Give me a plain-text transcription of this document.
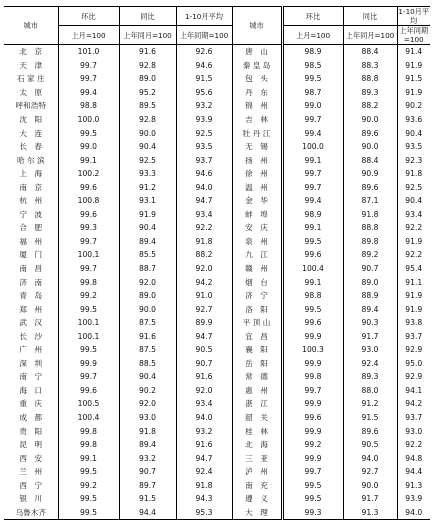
城市	环比	同比	1-10月平均	城市	环比	同比	1-10月平均
	上月=100	上年同月=100	上年同期=100		上月=100	上年同月=100	上年同期=100
北　京	101.0	91.6	92.6	唐　山	98.9	88.4	91.4
天　津	99.7	92.8	94.6	秦 皇 岛	98.5	88.3	91.9
石 家 庄	99.7	89.0	91.5	包　头	99.5	88.8	91.5
太　原	99.4	95.2	95.6	丹　东	98.7	89.3	91.9
呼和浩特	98.8	89.5	93.2	锦　州	99.0	88.2	90.2
沈　阳	100.0	92.8	93.9	吉　林	99.7	90.0	93.6
大　连	99.5	90.0	92.5	牡 丹 江	99.4	89.6	90.4
长　春	99.0	90.4	93.5	无　锡	100.0	90.0	93.5
哈 尔 滨	99.1	92.5	93.7	扬　州	99.1	88.4	92.3
上　海	100.2	93.3	94.6	徐　州	99.7	90.9	91.8
南　京	99.6	91.2	94.0	温　州	99.7	89.6	92.5
杭　州	100.8	93.1	94.7	金　华	99.4	87.1	90.4
宁　波	99.6	91.9	93.4	蚌　埠	98.9	91.8	93.4
合　肥	99.3	90.4	92.2	安　庆	99.1	88.8	92.2
福　州	99.7	89.4	91.8	泉　州	99.5	89.8	91.9
厦　门	100.1	85.5	88.2	九　江	99.6	89.2	92.2
南　昌	99.7	88.7	92.0	赣　州	100.4	90.7	95.4
济　南	99.8	92.0	94.2	烟　台	99.1	89.0	91.1
青　岛	99.2	89.0	91.0	济　宁	98.8	88.9	91.9
郑　州	99.5	90.0	92.7	洛　阳	99.5	89.4	91.9
武　汉	100.1	87.5	89.9	平 顶 山	99.6	90.3	93.8
长　沙	100.1	91.6	94.7	宜　昌	99.9	91.7	93.7
广　州	99.5	87.5	90.5	襄　阳	100.3	93.0	92.9
深　圳	99.9	88.5	90.7	岳　阳	99.9	92.4	95.0
南　宁	99.7	90.4	91.6	常　德	99.8	89.3	92.9
海　口	99.6	90.2	92.0	惠　州	99.7	88.0	94.1
重　庆	100.5	92.0	93.4	湛　江	99.9	91.2	94.2
成　都	100.4	93.0	94.0	韶　关	99.6	91.5	93.7
贵　阳	99.8	91.8	93.2	桂　林	99.9	89.6	93.0
昆　明	99.8	89.4	91.6	北　海	99.2	90.5	92.2
西　安	99.1	93.2	94.7	三　亚	99.9	94.0	94.8
兰　州	99.5	90.7	92.4	泸　州	99.7	92.7	94.4
西　宁	99.2	89.7	91.8	南　充	99.5	90.0	91.3
银　川	99.5	91.5	94.3	遵　义	99.5	91.7	93.9
乌鲁木齐	99.5	94.4	95.3	大　理	99.3	91.3	94.0
